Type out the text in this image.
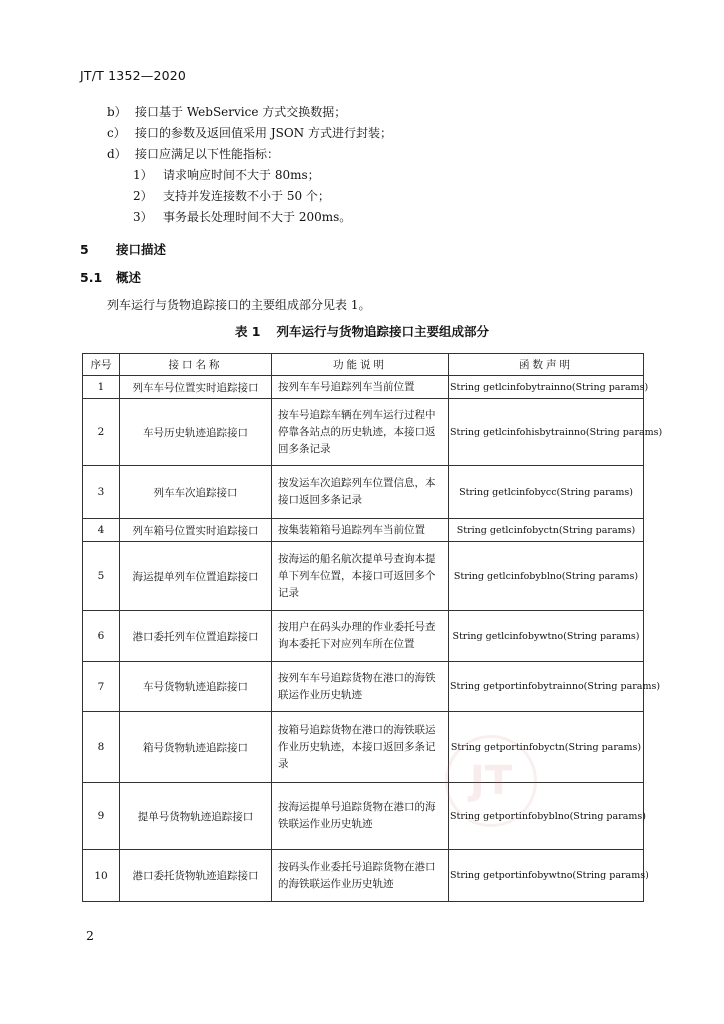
JT/T 1352—2020
b） 接口基于 WebService 方式交换数据；
c） 接口的参数及返回值采用 JSON 方式进行封装；
d） 接口应满足以下性能指标：
1） 请求响应时间不大于 80ms；
2） 支持并发连接数不小于 50 个；
3） 事务最长处理时间不大于 200ms。
5 接口描述
5.1 概述
列车运行与货物追踪接口的主要组成部分见表 1。
表 1 列车运行与货物追踪接口主要组成部分
序号	接口名称	功能说明	函数声明
1	列车车号位置实时追踪接口	按列车车号追踪列车当前位置	String getlcinfobytrainno(String params)
2	车号历史轨迹追踪接口	按车号追踪车辆在列车运行过程中停靠各站点的历史轨迹，本接口返回多条记录	String getlcinfohisbytrainno(String params)
3	列车车次追踪接口	按发运车次追踪列车位置信息，本接口返回多条记录	String getlcinfobycc(String params)
4	列车箱号位置实时追踪接口	按集装箱箱号追踪列车当前位置	String getlcinfobyctn(String params)
5	海运提单列车位置追踪接口	按海运的船名航次提单号查询本提单下列车位置，本接口可返回多个记录	String getlcinfobyblno(String params)
6	港口委托列车位置追踪接口	按用户在码头办理的作业委托号查询本委托下对应列车所在位置	String getlcinfobywtno(String params)
7	车号货物轨迹追踪接口	按列车车号追踪货物在港口的海铁联运作业历史轨迹	String getportinfobytrainno(String params)
8	箱号货物轨迹追踪接口	按箱号追踪货物在港口的海铁联运作业历史轨迹，本接口返回多条记录	String getportinfobyctn(String params)
9	提单号货物轨迹追踪接口	按海运提单号追踪货物在港口的海铁联运作业历史轨迹	String getportinfobyblno(String params)
10	港口委托货物轨迹追踪接口	按码头作业委托号追踪货物在港口的海铁联运作业历史轨迹	String getportinfobywtno(String params)
JT
2
